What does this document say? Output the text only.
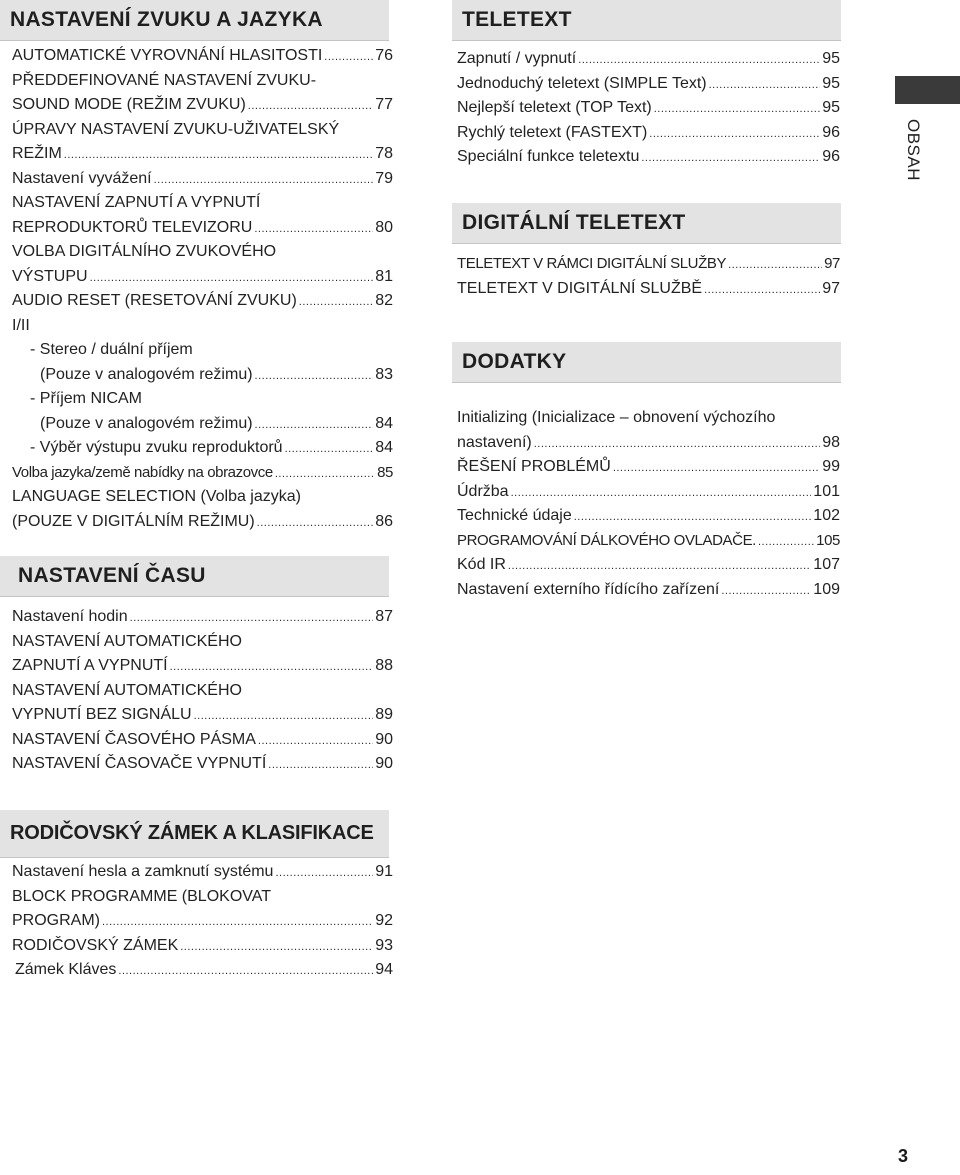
NASTAVENÍ ZVUKU A JAZYKA
AUTOMATICKÉ VYROVNÁNÍ HLASITOSTI .....	76
PŘEDDEFINOVANÉ NASTAVENÍ ZVUKU-
SOUND MODE (REŽIM ZVUKU) .....	77
ÚPRAVY NASTAVENÍ ZVUKU-UŽIVATELSKÝ
REŽIM .....	78
Nastavení vyvážení .....	79
NASTAVENÍ ZAPNUTÍ A VYPNUTÍ
REPRODUKTORŮ TELEVIZORU .....	80
VOLBA DIGITÁLNÍHO ZVUKOVÉHO
VÝSTUPU .....	81
AUDIO RESET (RESETOVÁNÍ ZVUKU) .....	82
I/II
- Stereo / duální příjem
(Pouze v analogovém režimu) .....	83
- Příjem NICAM
(Pouze v analogovém režimu) .....	84
- Výběr výstupu zvuku reproduktorů .....	84
Volba jazyka/země nabídky na obrazovce .....	85
LANGUAGE SELECTION (Volba jazyka)
(POUZE V DIGITÁLNÍM REŽIMU) .....	86
NASTAVENÍ ČASU
Nastavení hodin .....	87
NASTAVENÍ AUTOMATICKÉHO
ZAPNUTÍ A VYPNUTÍ .....	88
NASTAVENÍ AUTOMATICKÉHO
VYPNUTÍ BEZ SIGNÁLU .....	89
NASTAVENÍ ČASOVÉHO PÁSMA .....	90
NASTAVENÍ ČASOVAČE VYPNUTÍ .....	90
RODIČOVSKÝ ZÁMEK A KLASIFIKACE
Nastavení hesla a zamknutí systému .....	91
BLOCK PROGRAMME (BLOKOVAT
PROGRAM) .....	92
RODIČOVSKÝ ZÁMEK .....	93
Zámek Kláves .....	94
TELETEXT
Zapnutí / vypnutí .....	95
Jednoduchý teletext (SIMPLE Text) .....	95
Nejlepší teletext (TOP Text) .....	95
Rychlý teletext (FASTEXT) .....	96
Speciální funkce teletextu .....	96
DIGITÁLNÍ TELETEXT
TELETEXT V RÁMCI DIGITÁLNÍ SLUŽBY .....	97
TELETEXT V DIGITÁLNÍ SLUŽBĚ .....	97
DODATKY
Initializing (Inicializace – obnovení výchozího
nastavení) .....	98
ŘEŠENÍ PROBLÉMŮ .....	99
Údržba .....	101
Technické údaje .....	102
PROGRAMOVÁNÍ DÁLKOVÉHO OVLADAČE. .....	105
Kód IR .....	107
Nastavení externího řídícího zařízení .....	109
OBSAH
3
